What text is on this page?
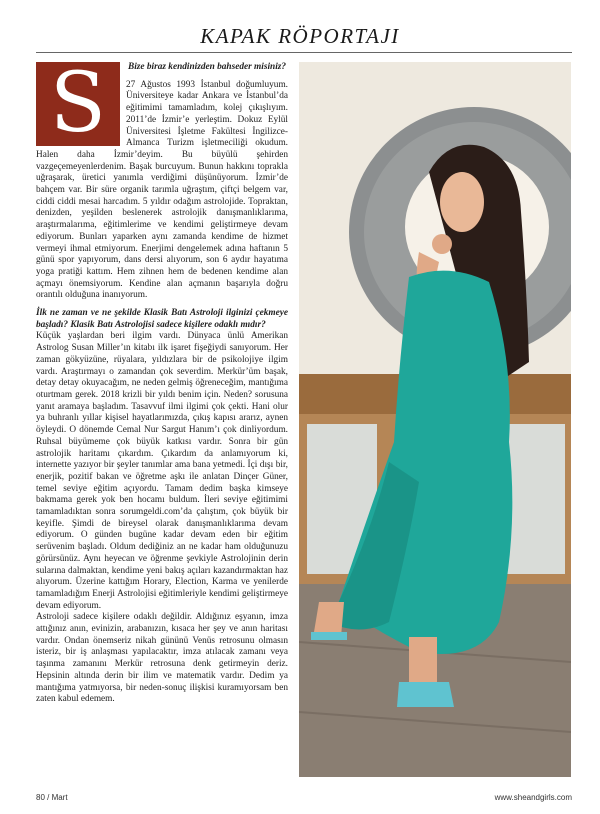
KAPAK RÖPORTAJI
S	Bize biraz kendinizden bahseder misiniz?

27 Ağustos 1993 İstanbul doğumluyum. Üniversiteye kadar Ankara ve İstanbul’da eğitimimi tamamladım, kolej çıkışlıyım. 2011’de İzmir’e yerleştim. Dokuz Eylül Üniversitesi İşletme Fakültesi İngilizce-Almanca Turizm işletmeciliği okudum. Halen daha İzmir’deyim. Bu büyülü şehirden vazgeçemeyenlerdenim. Başak burcuyum. Bunun hakkını toprakla uğraşarak, üretici yanımla verdiğimi düşünüyorum. İzmir’de bahçem var. Bir süre organik tarımla uğraştım, çiftçi belgem var, ciddi ciddi mesai harcadım. 5 yıldır odağım astrolojide. Topraktan, denizden, yeşilden beslenerek astrolojik danışmanlıklarıma, araştırmalarıma, eğitimlerime ve kendimi geliştirmeye devam ediyorum. Bunları yaparken aynı zamanda kendime de hizmet vermeyi ihmal etmiyorum. Enerjimi dengelemek adına haftanın 5 günü spor yapıyorum, dans dersi alıyorum, son 6 aydır hayatıma yoga pratiği kattım. Hem zihnen hem de bedenen kendime alan açmayı önemsiyorum. Kendine alan açmanın başarıyla doğru orantılı olduğuna inanıyorum.

İlk ne zaman ve ne şekilde Klasik Batı Astroloji ilginizi çekmeye başladı? Klasik Batı Astrolojisi sadece kişilere odaklı mıdır?

Küçük yaşlardan beri ilgim vardı. Dünyaca ünlü Amerikan Astrolog Susan Miller’ın kitabı ilk işaret fişeğiydi sanıyorum. Her zaman gökyüzüne, rüyalara, yıldızlara bir de psikolojiye ilgim vardı. Araştırmayı o zamandan çok severdim. Merkür’üm başak, detay detay okuyacağım, ne neden gelmiş öğreneceğim, mantığıma oturtmam gerek. 2018 krizli bir yıldı benim için. Neden? sorusuna yanıt aramaya başladım. Tasavvuf ilmi ilgimi çok çekti. Hani olur ya buhranlı yıllar kişisel hayatlarımızda, çıkış kapısı ararız, aynen öyleydi. O dönemde Cemal Nur Sargut Hanım’ı çok dinliyordum. Ruhsal büyümeme çok büyük katkısı vardır. Sonra bir gün astrolojik haritamı çıkardım. Çıkardım da anlamıyorum ki, internette yazıyor bir şeyler tanımlar ama bana yetmedi. İçi dışı bir, enerjik, pozitif bakan ve öğretme aşkı ile anlatan Dinçer Güner, temel seviye eğitim açıyordu. Tamam dedim başka kimseye bakmama gerek yok ben hocamı buldum. İleri seviye eğitimimi tamamladıktan sonra sorumgeldi.com’da çalıştım, çok büyük bir keyifle. Şimdi de bireysel olarak danışmanlıklarıma devam ediyorum. O günden bugüne kadar devam eden bir eğitim serüvenim başladı. Oldum dediğiniz an ne kadar ham olduğunuzu görürsünüz. Aynı heyecan ve öğrenme şevkiyle Astrolojinin derin sularına dalmaktan, kendime yeni bakış açıları kazandırmaktan haz alıyorum. Üzerine kattığım Horary, Election, Karma ve yenilerde tamamladığım Enerji Astrolojisi eğitimleriyle kendimi geliştirmeye devam ediyorum.

Astroloji sadece kişilere odaklı değildir. Aldığınız eşyanın, imza attığınız anın, evinizin, arabanızın, kısaca her şey ve anın haritası vardır. Ondan önemseriz nikah gününü Venüs retrosunu olmasın isteriz, bir iş anlaşması yapılacaktır, imza atılacak zamanı veya taşınma zamanını Merkür retrosuna denk getirmeyin deriz. Hepsinin altında derin bir ilim ve matematik vardır. Dedim ya mantığıma yatmıyorsa, bir neden-sonuç ilişkisi kuramıyorsam ben zaten kabul edemem.

80 / Mart	www.sheandgirls.com
